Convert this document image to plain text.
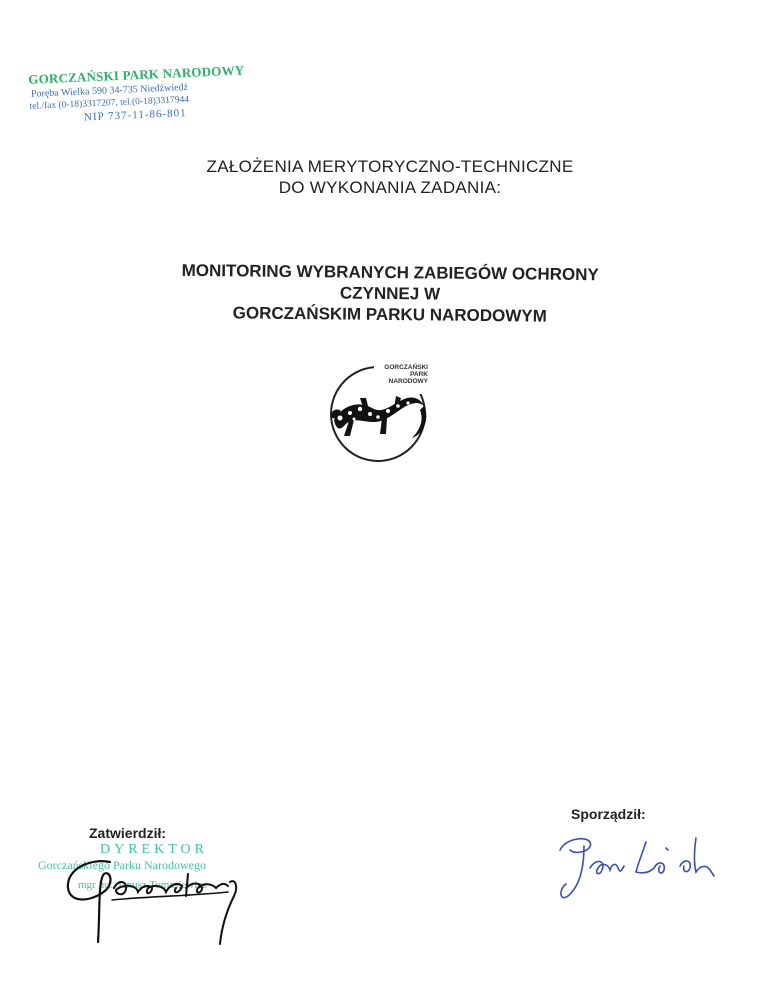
GORCZAŃSKI PARK NARODOWY
Poręba Wielka 590 34-735 Niedźwiedź
tel./fax (0-18)3317207, tel.(0-18)3317944
NIP 737-11-86-801
ZAŁOŻENIA MERYTORYCZNO-TECHNICZNE
DO WYKONANIA ZADANIA:
MONITORING WYBRANYCH ZABIEGÓW OCHRONY
CZYNNEJ W
GORCZAŃSKIM PARKU NARODOWYM
GORCZAŃSKI
PARK
NARODOWY
Sporządził:
Zatwierdził:
DYREKTOR
Gorczańskiego Parku Narodowego
mgr inż. Janusz Tomasiewicz
